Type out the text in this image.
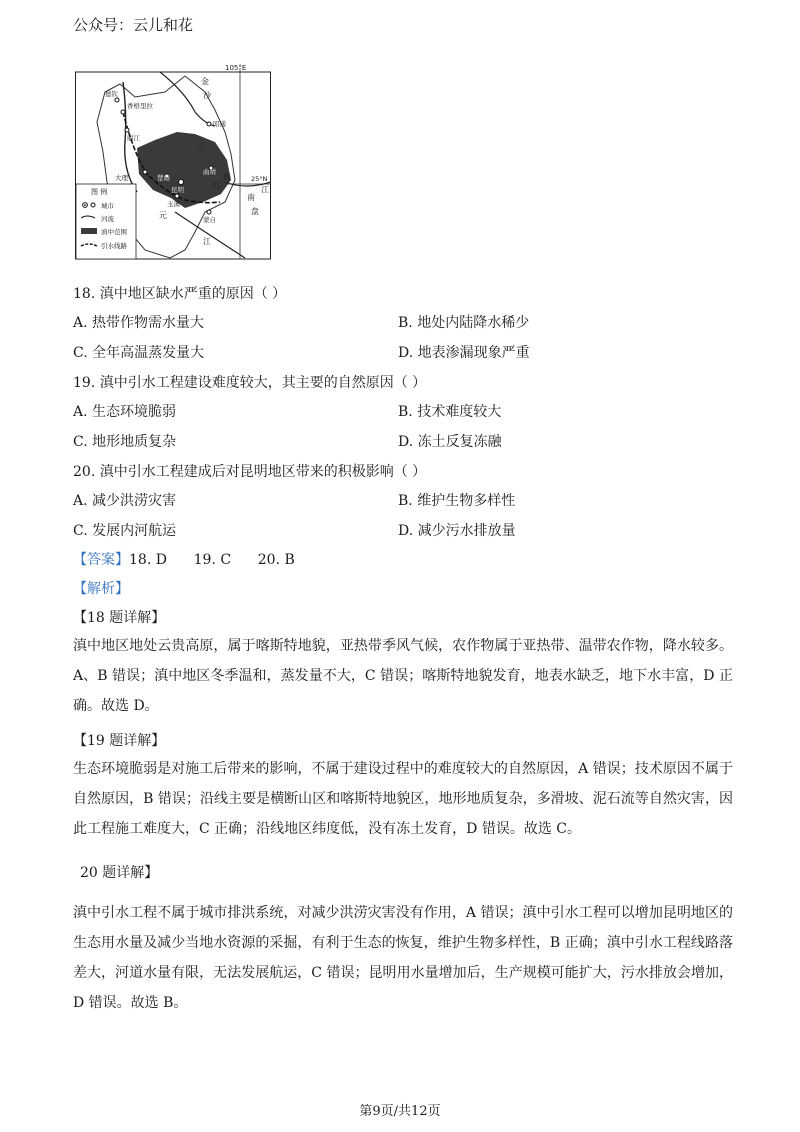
公众号：云儿和花
105°E
25°N
德钦
香格里拉
丽江
昭通
大理	楚雄
昆明
曲靖
玉溪
蒙自
金
沙
江
南
盘
江
元
红
江
珠
图 例
城市
河流
滇中范围
引水线路
18. 滇中地区缺水严重的原因（ ）
A. 热带作物需水量大	B. 地处内陆降水稀少
C. 全年高温蒸发量大	D. 地表渗漏现象严重
19. 滇中引水工程建设难度较大，其主要的自然原因（ ）
A. 生态环境脆弱	B. 技术难度较大
C. 地形地质复杂	D. 冻土反复冻融
20. 滇中引水工程建成后对昆明地区带来的积极影响（ ）
A. 减少洪涝灾害	B. 维护生物多样性
C. 发展内河航运	D. 减少污水排放量
【答案】18. D      19. C      20. B
【解析】
【18 题详解】
滇中地区地处云贵高原，属于喀斯特地貌，亚热带季风气候，农作物属于亚热带、温带农作物，降水较多。A、B 错误；滇中地区冬季温和，蒸发量不大，C 错误；喀斯特地貌发育，地表水缺乏，地下水丰富，D 正确。故选 D。
【19 题详解】
生态环境脆弱是对施工后带来的影响，不属于建设过程中的难度较大的自然原因，A 错误；技术原因不属于自然原因，B 错误；沿线主要是横断山区和喀斯特地貌区，地形地质复杂，多滑坡、泥石流等自然灾害，因此工程施工难度大，C 正确；沿线地区纬度低，没有冻土发育，D 错误。故选 C。
20 题详解】
滇中引水工程不属于城市排洪系统，对减少洪涝灾害没有作用，A 错误；滇中引水工程可以增加昆明地区的生态用水量及减少当地水资源的采掘，有利于生态的恢复，维护生物多样性，B 正确；滇中引水工程线路落差大，河道水量有限，无法发展航运，C 错误；昆明用水量增加后，生产规模可能扩大，污水排放会增加，D 错误。故选 B。
第9页/共12页
